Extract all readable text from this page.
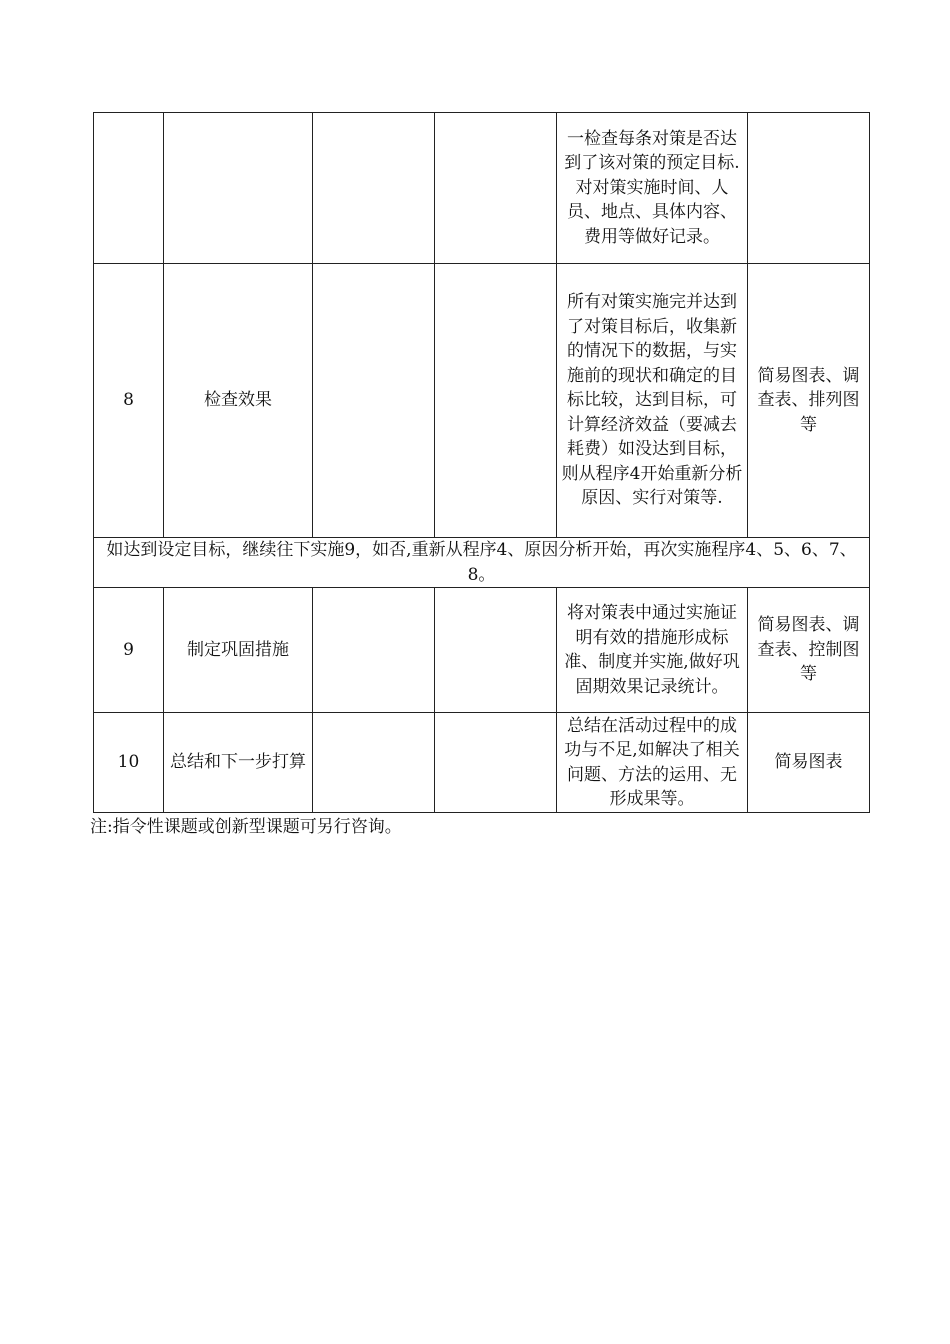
				一检查每条对策是否达到了该对策的预定目标.对对策实施时间、人员、地点、具体内容、费用等做好记录。	
8	检查效果			所有对策实施完并达到了对策目标后，收集新的情况下的数据，与实施前的现状和确定的目标比较，达到目标，可计算经济效益（要减去耗费）如没达到目标，则从程序4开始重新分析原因、实行对策等.	简易图表、调查表、排列图等
如达到设定目标，继续往下实施9，如否,重新从程序4、原因分析开始，再次实施程序4、5、6、7、8。					
9	制定巩固措施			将对策表中通过实施证明有效的措施形成标准、制度并实施,做好巩固期效果记录统计。	简易图表、调查表、控制图等
10	总结和下一步打算			总结在活动过程中的成功与不足,如解决了相关问题、方法的运用、无形成果等。	简易图表
注:指令性课题或创新型课题可另行咨询。
